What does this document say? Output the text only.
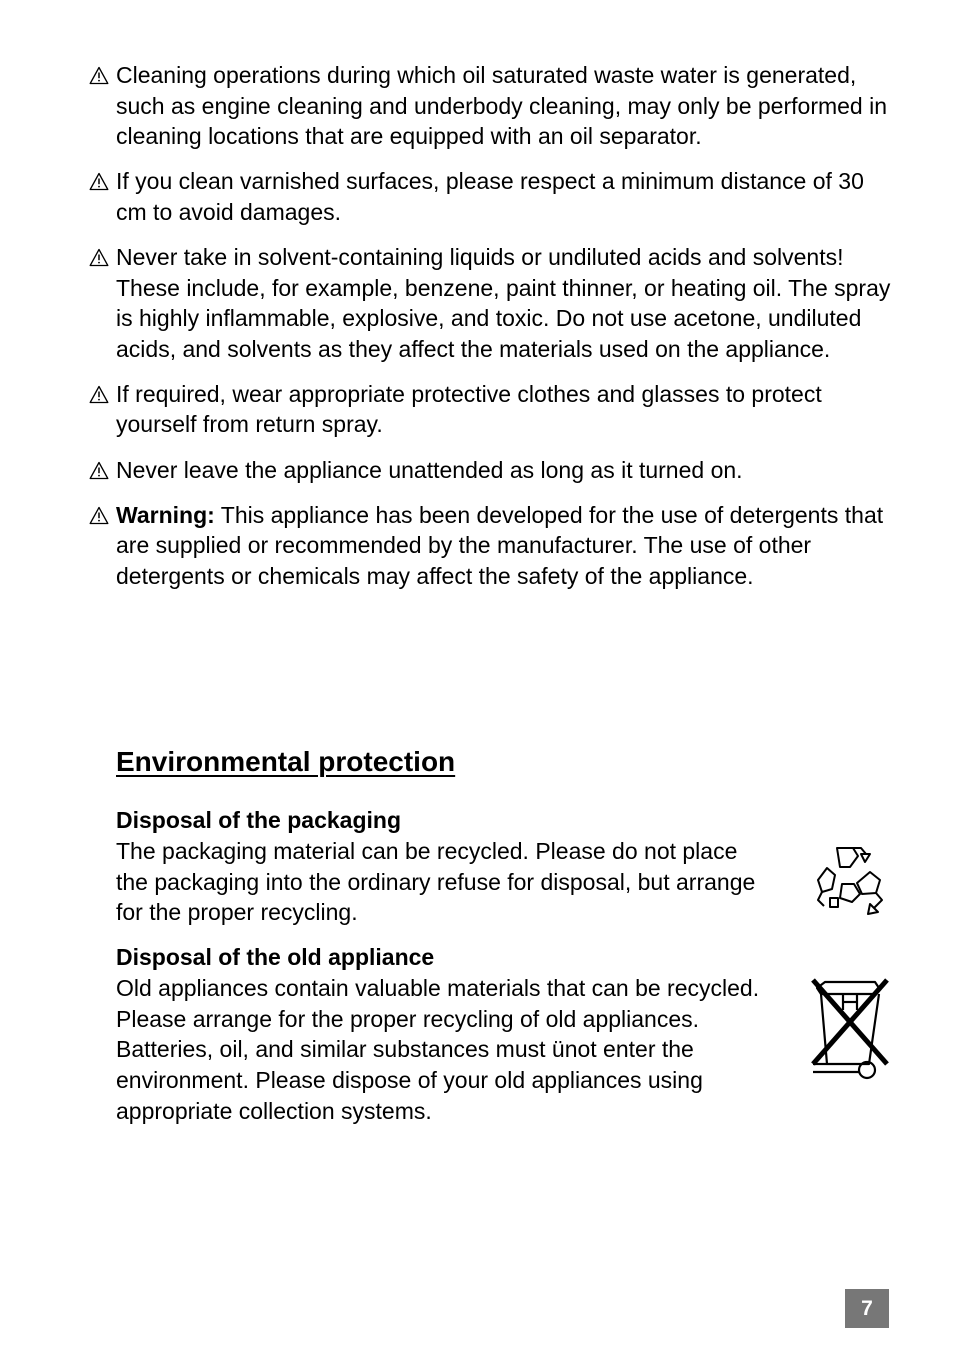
Cleaning operations during which oil saturated waste water is generated, such as engine cleaning and underbody cleaning, may only be performed in cleaning locations that are equipped with an oil separator.
If you clean varnished surfaces, please respect a minimum distance of 30 cm to avoid damages.
Never take in solvent-containing liquids or undiluted acids and solvents! These include, for example, benzene, paint thinner, or heating oil. The spray is highly inflammable, explosive, and toxic. Do not use acetone, undiluted acids, and solvents as they affect the materials used on the appliance.
If required, wear appropriate protective clothes and glasses to protect yourself from return spray.
Never leave the appliance unattended as long as it turned on.
Warning: This appliance has been developed for the use of detergents that are supplied or recommended by the manufacturer. The use of other detergents or chemicals may affect the safety of the appliance.
Environmental protection
Disposal of the packaging

The packaging material can be recycled. Please do not place the packaging into the ordinary refuse for disposal, but arrange for the proper recycling.

Disposal of the old appliance

Old appliances contain valuable materials that can be recycled. Please arrange for the proper recycling of old appliances. Batteries, oil, and similar substances must ünot enter the environment. Please dispose of your old appliances using appropriate collection systems.

7
